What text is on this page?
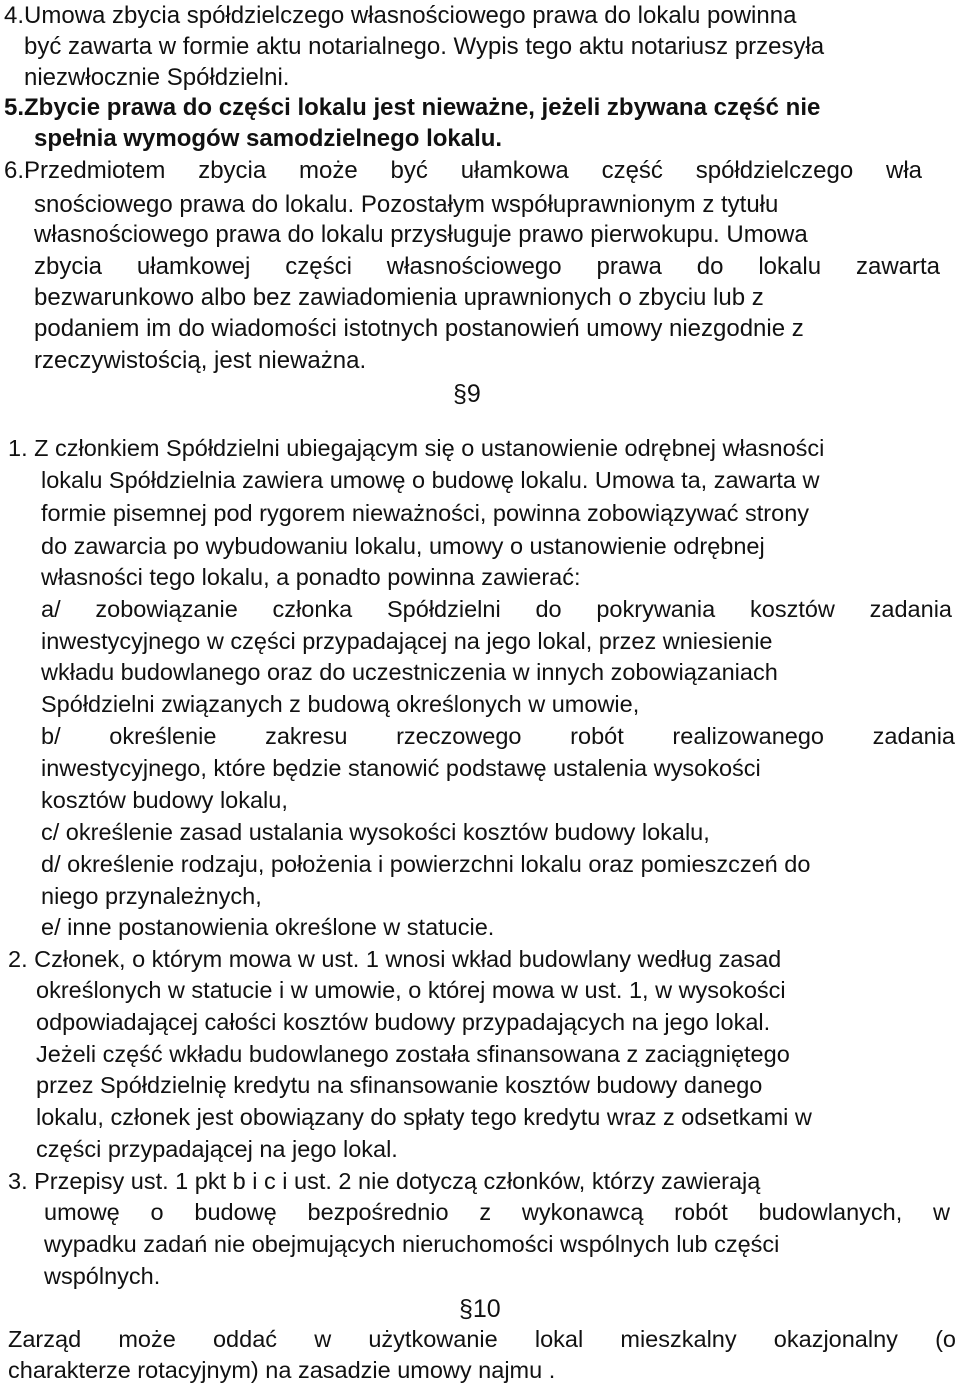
4.Umowa zbycia spółdzielczego własnościowego prawa do lokalu powinna
być zawarta w formie aktu notarialnego. Wypis tego aktu notariusz przesyła
niezwłocznie Spółdzielni.
5.Zbycie prawa do części lokalu jest nieważne, jeżeli zbywana część nie
spełnia wymogów samodzielnego lokalu.
6.Przedmiotem zbycia może być ułamkowa część spółdzielczego wła
snościowego prawa do lokalu. Pozostałym współuprawnionym z tytułu
własnościowego prawa do lokalu przysługuje prawo pierwokupu. Umowa
zbycia ułamkowej części własnościowego prawa do lokalu zawarta
bezwarunkowo albo bez zawiadomienia uprawnionych o zbyciu lub z
podaniem im do wiadomości istotnych postanowień umowy niezgodnie z
rzeczywistością, jest nieważna.
§9
1. Z członkiem Spółdzielni ubiegającym się o ustanowienie odrębnej własności
lokalu Spółdzielnia zawiera umowę o budowę lokalu. Umowa ta, zawarta w
formie pisemnej pod rygorem nieważności, powinna zobowiązywać strony
do zawarcia po wybudowaniu lokalu, umowy o ustanowienie odrębnej
własności tego lokalu, a ponadto powinna zawierać:
a/ zobowiązanie członka Spółdzielni do pokrywania kosztów zadania
inwestycyjnego w części przypadającej na jego lokal, przez wniesienie
wkładu budowlanego oraz do uczestniczenia w innych zobowiązaniach
Spółdzielni związanych z budową określonych w umowie,
b/ określenie zakresu rzeczowego robót realizowanego zadania
inwestycyjnego, które będzie stanowić podstawę ustalenia wysokości
kosztów budowy lokalu,
c/ określenie zasad ustalania wysokości kosztów budowy lokalu,
d/ określenie rodzaju, położenia i powierzchni lokalu oraz pomieszczeń do
niego przynależnych,
e/ inne postanowienia określone w statucie.
2. Członek, o którym mowa w ust. 1 wnosi wkład budowlany według zasad
określonych w statucie i w umowie, o której mowa w ust. 1, w wysokości
odpowiadającej całości kosztów budowy przypadających na jego lokal.
Jeżeli część wkładu budowlanego została sfinansowana z zaciągniętego
przez Spółdzielnię kredytu na sfinansowanie kosztów budowy danego
lokalu, członek jest obowiązany do spłaty tego kredytu wraz z odsetkami w
części przypadającej na jego lokal.
3. Przepisy ust. 1 pkt b i c i ust. 2 nie dotyczą członków, którzy zawierają
umowę o budowę bezpośrednio z wykonawcą robót budowlanych, w
wypadku zadań nie obejmujących nieruchomości wspólnych lub części
wspólnych.
§10
Zarząd może oddać w użytkowanie lokal mieszkalny okazjonalny (o
charakterze rotacyjnym) na zasadzie umowy najmu .
